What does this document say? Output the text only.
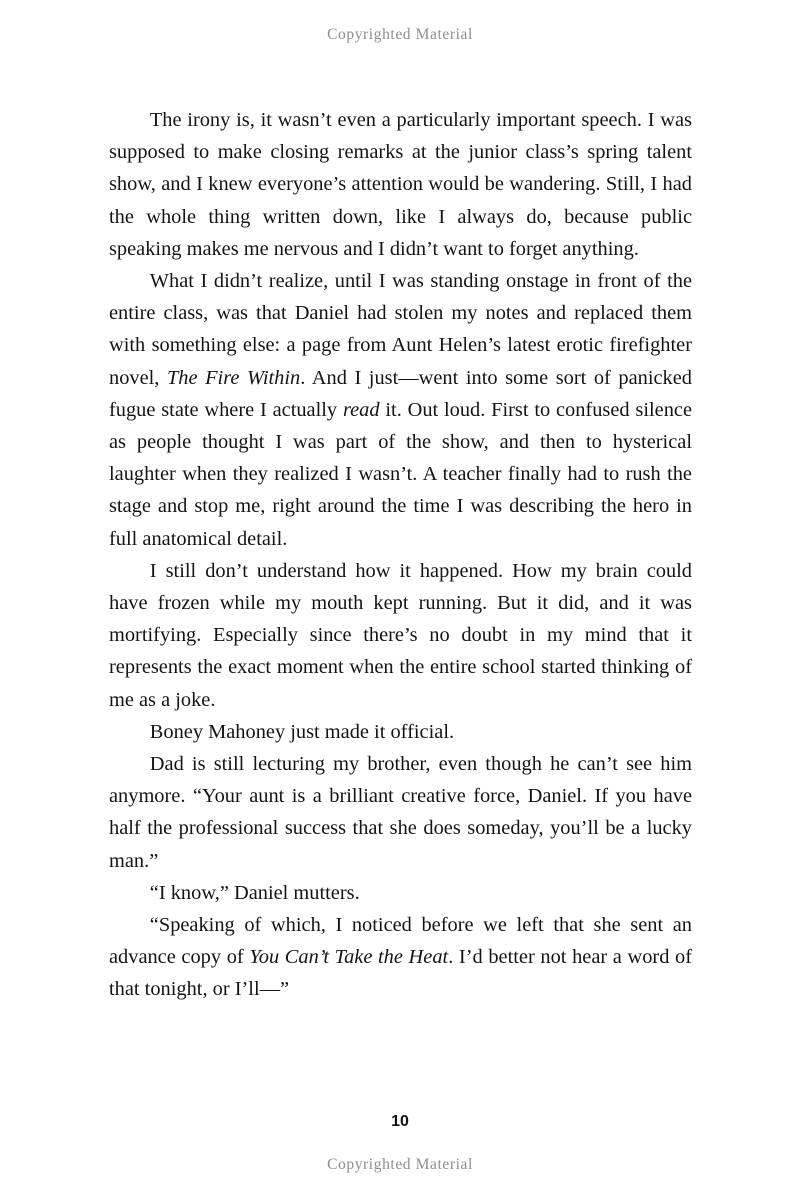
Copyrighted Material

The irony is, it wasn’t even a particularly important speech. I was supposed to make closing remarks at the junior class’s spring talent show, and I knew everyone’s attention would be wandering. Still, I had the whole thing written down, like I always do, because public speaking makes me nervous and I didn’t want to forget anything.

What I didn’t realize, until I was standing onstage in front of the entire class, was that Daniel had stolen my notes and replaced them with something else: a page from Aunt Helen’s latest erotic firefighter novel, The Fire Within. And I just—went into some sort of panicked fugue state where I actually read it. Out loud. First to confused silence as people thought I was part of the show, and then to hysterical laughter when they realized I wasn’t. A teacher finally had to rush the stage and stop me, right around the time I was describing the hero in full anatomical detail.

I still don’t understand how it happened. How my brain could have frozen while my mouth kept running. But it did, and it was mortifying. Especially since there’s no doubt in my mind that it represents the exact moment when the entire school started thinking of me as a joke.

Boney Mahoney just made it official.

Dad is still lecturing my brother, even though he can’t see him anymore. “Your aunt is a brilliant creative force, Daniel. If you have half the professional success that she does someday, you’ll be a lucky man.”

“I know,” Daniel mutters.

“Speaking of which, I noticed before we left that she sent an advance copy of You Can’t Take the Heat. I’d better not hear a word of that tonight, or I’ll—”

10
Copyrighted Material
